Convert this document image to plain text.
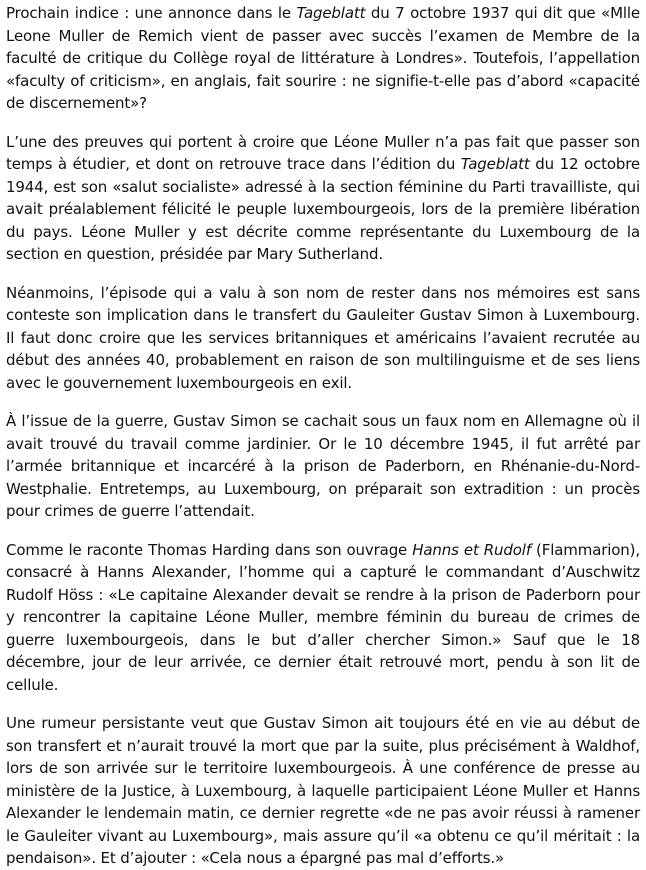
Prochain indice : une annonce dans le Tageblatt du 7 octobre 1937 qui dit que «Mlle Leone Muller de Remich vient de passer avec succès l’examen de Membre de la faculté de critique du Collège royal de littérature à Londres». Toutefois, l’appellation «faculty of criticism», en anglais, fait sourire : ne signifie-t-elle pas d’abord «capacité de discernement»?

L’une des preuves qui portent à croire que Léone Muller n’a pas fait que passer son temps à étudier, et dont on retrouve trace dans l’édition du Tageblatt du 12 octobre 1944, est son «salut socialiste» adressé à la section féminine du Parti travailliste, qui avait préalablement félicité le peuple luxembourgeois, lors de la première libération du pays. Léone Muller y est décrite comme représentante du Luxembourg de la section en question, présidée par Mary Sutherland.

Néanmoins, l’épisode qui a valu à son nom de rester dans nos mémoires est sans conteste son implication dans le transfert du Gauleiter Gustav Simon à Luxembourg. Il faut donc croire que les services britanniques et américains l’avaient recrutée au début des années 40, probablement en raison de son multilinguisme et de ses liens avec le gouvernement luxembourgeois en exil.

À l’issue de la guerre, Gustav Simon se cachait sous un faux nom en Allemagne où il avait trouvé du travail comme jardinier. Or le 10 décembre 1945, il fut arrêté par l’armée britannique et incarcéré à la prison de Paderborn, en Rhénanie-du-Nord-Westphalie. Entretemps, au Luxembourg, on préparait son extradition : un procès pour crimes de guerre l’attendait.

Comme le raconte Thomas Harding dans son ouvrage Hanns et Rudolf (Flammarion), consacré à Hanns Alexander, l’homme qui a capturé le commandant d’Auschwitz Rudolf Höss : «Le capitaine Alexander devait se rendre à la prison de Paderborn pour y rencontrer la capitaine Léone Muller, membre féminin du bureau de crimes de guerre luxembourgeois, dans le but d’aller chercher Simon.» Sauf que le 18 décembre, jour de leur arrivée, ce dernier était retrouvé mort, pendu à son lit de cellule.

Une rumeur persistante veut que Gustav Simon ait toujours été en vie au début de son transfert et n’aurait trouvé la mort que par la suite, plus précisément à Waldhof, lors de son arrivée sur le territoire luxembourgeois. À une conférence de presse au ministère de la Justice, à Luxembourg, à laquelle participaient Léone Muller et Hanns Alexander le lendemain matin, ce dernier regrette «de ne pas avoir réussi à ramener le Gauleiter vivant au Luxembourg», mais assure qu’il «a obtenu ce qu’il méritait : la pendaison». Et d’ajouter : «Cela nous a épargné pas mal d’efforts.»
